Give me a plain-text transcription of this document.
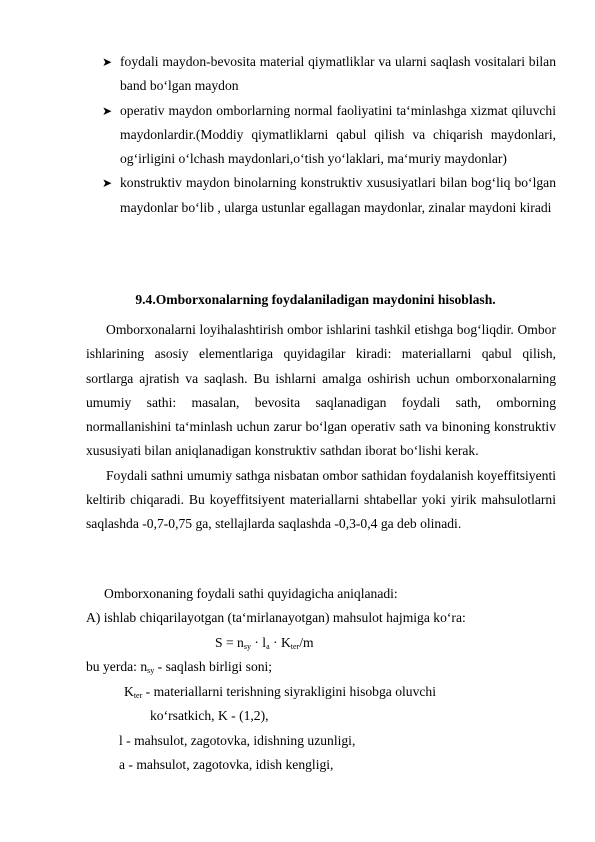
➤ foydali maydon-bevosita material qiymatliklar va ularni saqlash vositalari bilan band bo‘lgan maydon

➤ operativ maydon omborlarning normal faoliyatini ta‘minlashga xizmat qiluvchi maydonlardir.(Moddiy qiymatliklarni qabul qilish va chiqarish maydonlari, og‘irligini o‘lchash maydonlari,o‘tish yo‘laklari, ma‘muriy maydonlar)

➤ konstruktiv maydon binolarning konstruktiv xususiyatlari bilan bog‘liq bo‘lgan maydonlar bo‘lib , ularga ustunlar egallagan maydonlar, zinalar maydoni kiradi

9.4.Omborxonalarning foydalaniladigan maydonini hisoblash.

Omborxonalarni loyihalashtirish ombor ishlarini tashkil etishga bog‘liqdir. Ombor ishlarining asosiy elementlariga quyidagilar kiradi: materiallarni qabul qilish, sortlarga ajratish va saqlash. Bu ishlarni amalga oshirish uchun omborxonalarning umumiy sathi: masalan, bevosita saqlanadigan foydali sath, omborning normallanishini ta‘minlash uchun zarur bo‘lgan operativ sath va binoning konstruktiv xususiyati bilan aniqlanadigan konstruktiv sathdan iborat bo‘lishi kerak.

Foydali sathni umumiy sathga nisbatan ombor sathidan foydalanish koyeffitsiyenti keltirib chiqaradi. Bu koyeffitsiyent materiallarni shtabellar yoki yirik mahsulotlarni saqlashda -0,7-0,75 ga, stellajlarda saqlashda -0,3-0,4 ga deb olinadi.

Omborxonaning foydali sathi quyidagicha aniqlanadi:
A) ishlab chiqarilayotgan (ta‘mirlanayotgan) mahsulot hajmiga ko‘ra:
$S = n_{sy} \cdot l_a \cdot K_{ter}/m$
bu yerda: $n_{sy}$ - saqlash birligi soni;
$K_{ter}$ - materiallarni terishning siyrakligini hisobga oluvchi
ko‘rsatkich, K - (1,2),
l - mahsulot, zagotovka, idishning uzunligi,
a - mahsulot, zagotovka, idish kengligi,
